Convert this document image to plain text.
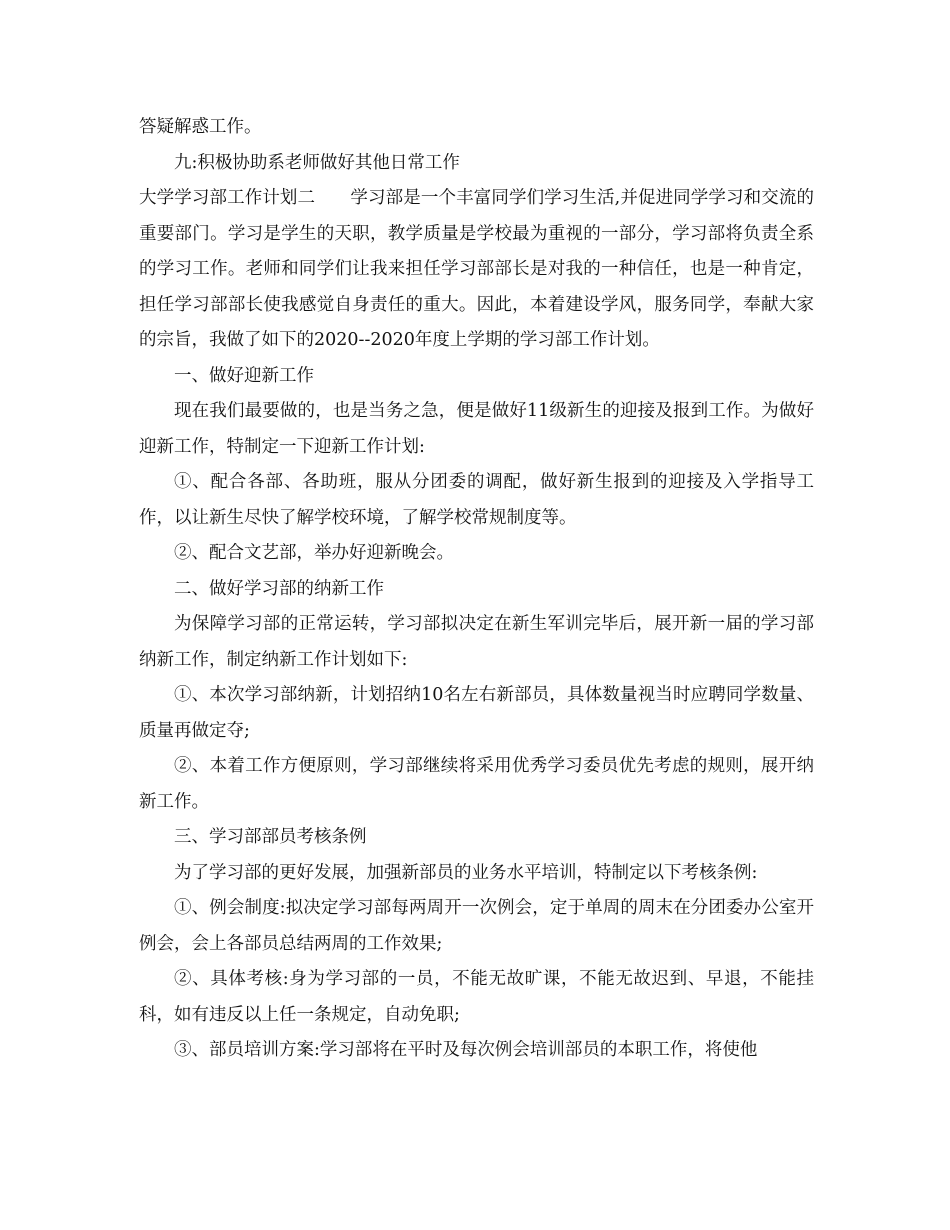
答疑解惑工作。

九:积极协助系老师做好其他日常工作

大学学习部工作计划二　　学习部是一个丰富同学们学习生活,并促进同学学习和交流的重要部门。学习是学生的天职，教学质量是学校最为重视的一部分，学习部将负责全系的学习工作。老师和同学们让我来担任学习部部长是对我的一种信任，也是一种肯定，担任学习部部长使我感觉自身责任的重大。因此，本着建设学风，服务同学，奉献大家的宗旨，我做了如下的2020--2020年度上学期的学习部工作计划。

一、做好迎新工作

现在我们最要做的，也是当务之急，便是做好11级新生的迎接及报到工作。为做好迎新工作，特制定一下迎新工作计划:

①、配合各部、各助班，服从分团委的调配，做好新生报到的迎接及入学指导工作，以让新生尽快了解学校环境，了解学校常规制度等。

②、配合文艺部，举办好迎新晚会。

二、做好学习部的纳新工作

为保障学习部的正常运转，学习部拟决定在新生军训完毕后，展开新一届的学习部纳新工作，制定纳新工作计划如下:

①、本次学习部纳新，计划招纳10名左右新部员，具体数量视当时应聘同学数量、质量再做定夺;

②、本着工作方便原则，学习部继续将采用优秀学习委员优先考虑的规则，展开纳新工作。

三、学习部部员考核条例

为了学习部的更好发展，加强新部员的业务水平培训，特制定以下考核条例:

①、例会制度:拟决定学习部每两周开一次例会，定于单周的周末在分团委办公室开例会，会上各部员总结两周的工作效果;

②、具体考核:身为学习部的一员，不能无故旷课，不能无故迟到、早退，不能挂科，如有违反以上任一条规定，自动免职;

③、部员培训方案:学习部将在平时及每次例会培训部员的本职工作，将使他
